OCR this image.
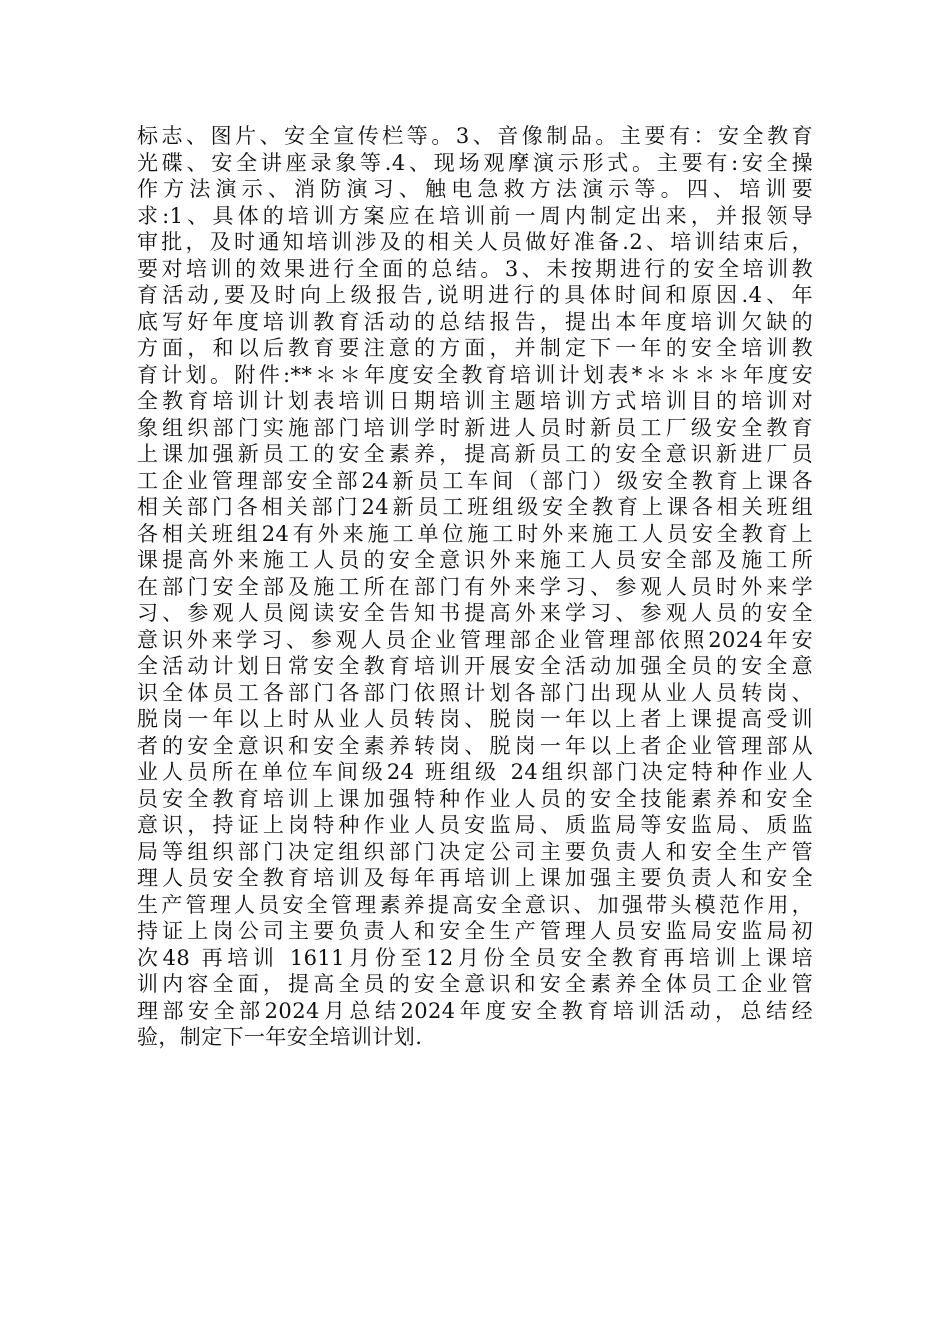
标志、图片、安全宣传栏等。3、音像制品。主要有：安全教育
光碟、安全讲座录象等.4、现场观摩演示形式。主要有:安全操
作方法演示、消防演习、触电急救方法演示等。四、培训要
求:1、具体的培训方案应在培训前一周内制定出来，并报领导
审批，及时通知培训涉及的相关人员做好准备.2、培训结束后，
要对培训的效果进行全面的总结。3、未按期进行的安全培训教
育活动,要及时向上级报告,说明进行的具体时间和原因.4、年
底写好年度培训教育活动的总结报告，提出本年度培训欠缺的
方面，和以后教育要注意的方面，并制定下一年的安全培训教
育计划。附件:**＊＊年度安全教育培训计划表*＊＊＊＊年度安
全教育培训计划表培训日期培训主题培训方式培训目的培训对
象组织部门实施部门培训学时新进人员时新员工厂级安全教育
上课加强新员工的安全素养，提高新员工的安全意识新进厂员
工企业管理部安全部24新员工车间（部门）级安全教育上课各
相关部门各相关部门24新员工班组级安全教育上课各相关班组
各相关班组24有外来施工单位施工时外来施工人员安全教育上
课提高外来施工人员的安全意识外来施工人员安全部及施工所
在部门安全部及施工所在部门有外来学习、参观人员时外来学
习、参观人员阅读安全告知书提高外来学习、参观人员的安全
意识外来学习、参观人员企业管理部企业管理部依照2024年安
全活动计划日常安全教育培训开展安全活动加强全员的安全意
识全体员工各部门各部门依照计划各部门出现从业人员转岗、
脱岗一年以上时从业人员转岗、脱岗一年以上者上课提高受训
者的安全意识和安全素养转岗、脱岗一年以上者企业管理部从
业人员所在单位车间级24 班组级 24组织部门决定特种作业人
员安全教育培训上课加强特种作业人员的安全技能素养和安全
意识，持证上岗特种作业人员安监局、质监局等安监局、质监
局等组织部门决定组织部门决定公司主要负责人和安全生产管
理人员安全教育培训及每年再培训上课加强主要负责人和安全
生产管理人员安全管理素养提高安全意识、加强带头模范作用，
持证上岗公司主要负责人和安全生产管理人员安监局安监局初
次48 再培训 1611月份至12月份全员安全教育再培训上课培
训内容全面，提高全员的安全意识和安全素养全体员工企业管
理部安全部2024月总结2024年度安全教育培训活动，总结经
验，制定下一年安全培训计划.
